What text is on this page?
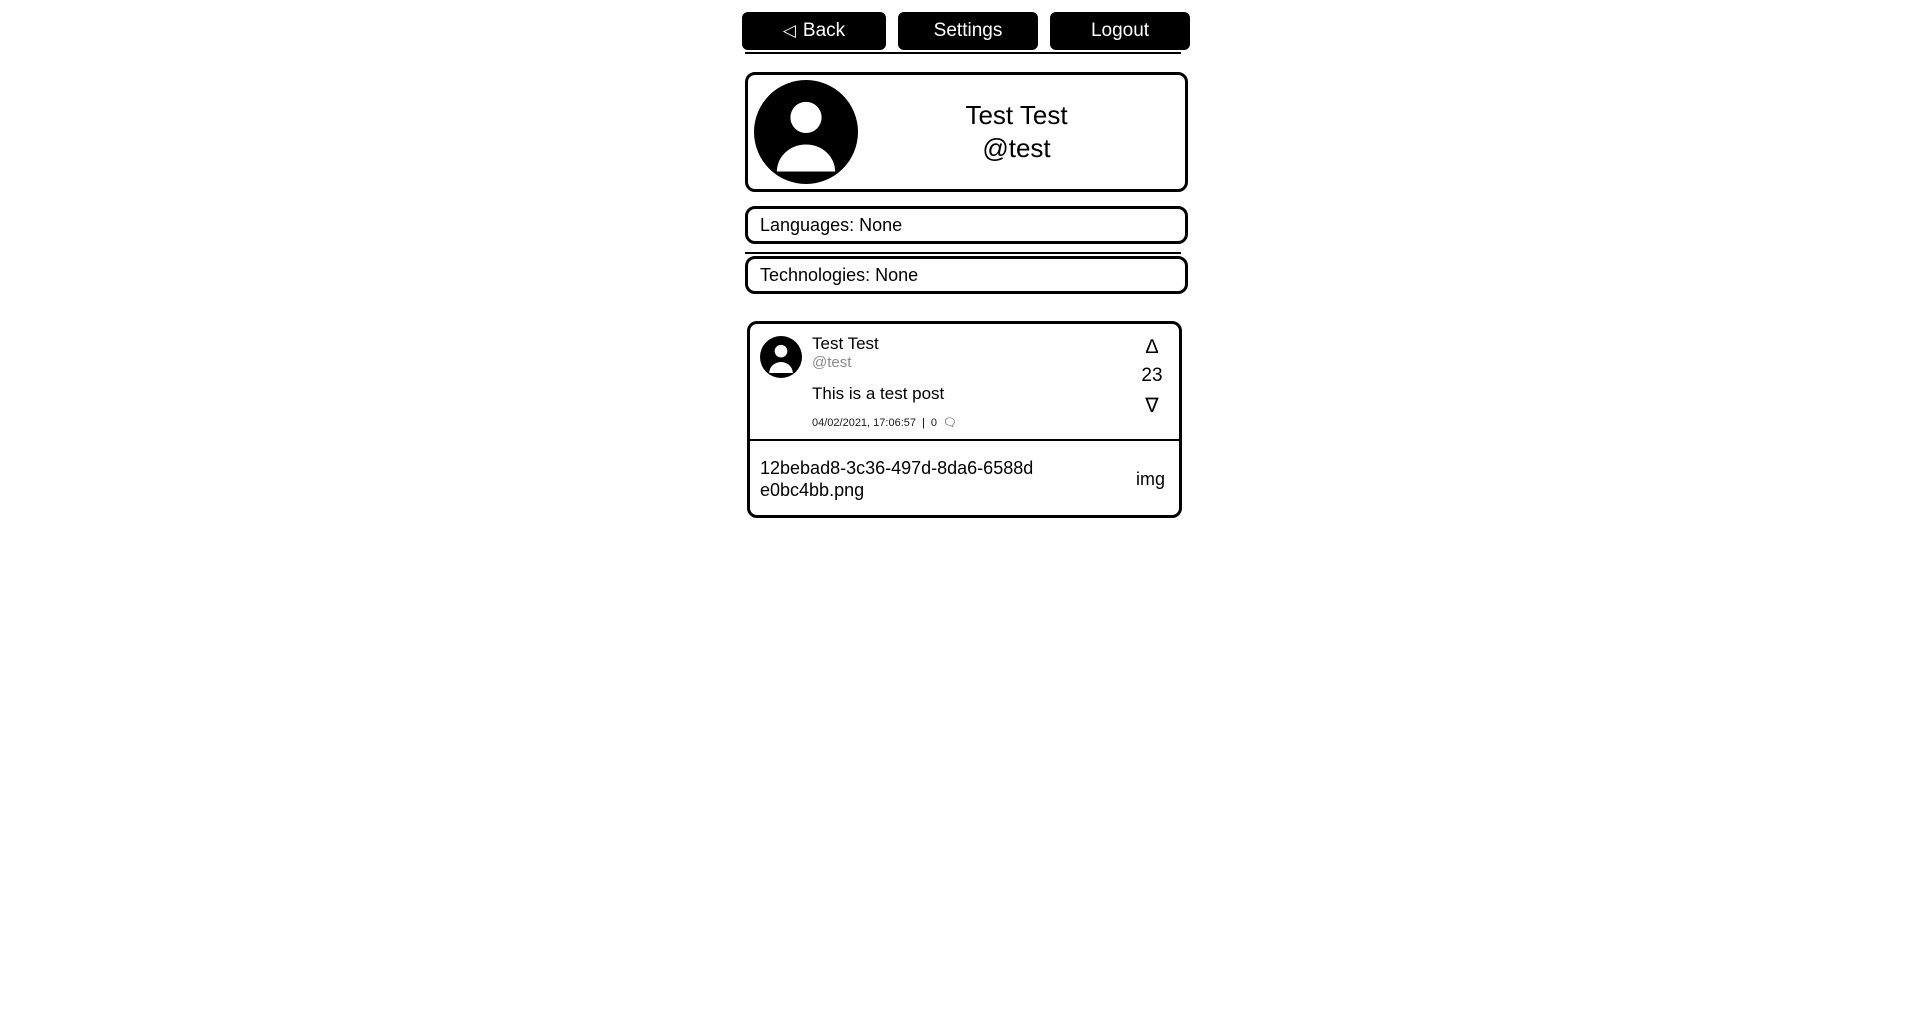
◁ Back	Settings	Logout
Test Test
@test
Languages: None
Technologies: None
Test Test
@test
This is a test post
04/02/2021, 17:06:57 | 0 🗨
∆
23
∇
12bebad8-3c36-497d-8da6-6588de0bc4bb.png
img
